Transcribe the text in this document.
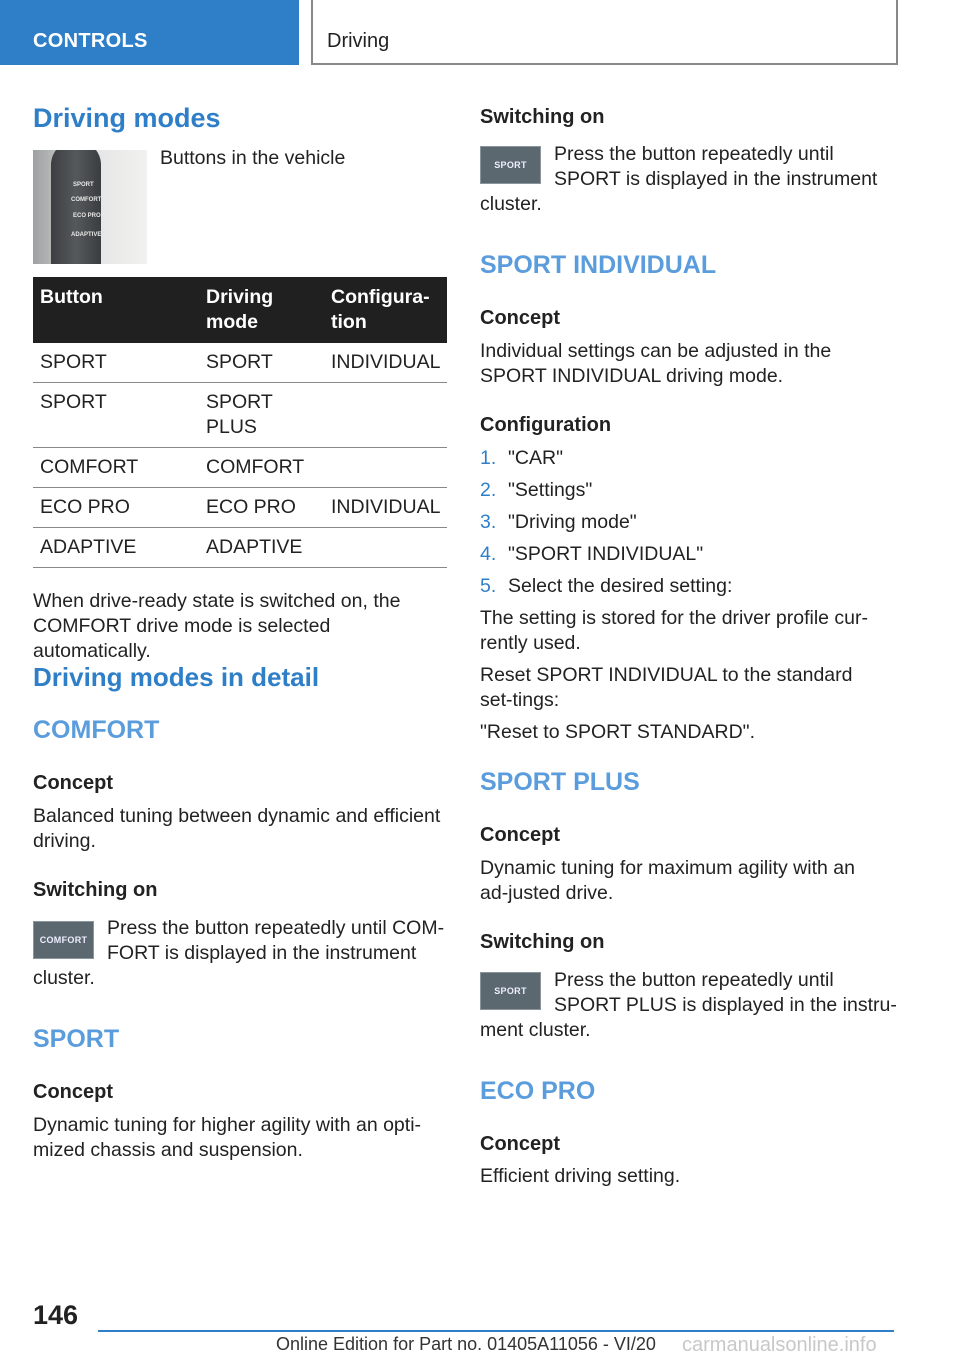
CONTROLS	Driving
Driving modes
SPORT
COMFORT
ECO PRO
ADAPTIVE
Buttons in the vehicle
Button	Driving mode	Configura-tion
SPORT	SPORT	INDIVIDUAL
SPORT	SPORT PLUS	
COMFORT	COMFORT	
ECO PRO	ECO PRO	INDIVIDUAL
ADAPTIVE	ADAPTIVE	
When drive-ready state is switched on, the COMFORT drive mode is selected automatically.
Driving modes in detail
COMFORT
Concept
Balanced tuning between dynamic and efficient driving.
Switching on
COMFORT
Press the button repeatedly until COM-
FORT is displayed in the instrument
cluster.
SPORT
Concept
Dynamic tuning for higher agility with an opti-mized chassis and suspension.
Switching on
SPORT Press the button repeatedly until
SPORT is displayed in the instrument
cluster.
SPORT INDIVIDUAL
Concept
Individual settings can be adjusted in the SPORT INDIVIDUAL driving mode.
Configuration
1. "CAR"
2. "Settings"
3. "Driving mode"
4. "SPORT INDIVIDUAL"
5. Select the desired setting:
The setting is stored for the driver profile cur-rently used.
Reset SPORT INDIVIDUAL to the standard set-tings:
"Reset to SPORT STANDARD".
SPORT PLUS
Concept
Dynamic tuning for maximum agility with an ad-justed drive.
Switching on
SPORT Press the button repeatedly until
SPORT PLUS is displayed in the instru-
ment cluster.
ECO PRO
Concept
Efficient driving setting.
146
Online Edition for Part no. 01405A11056 - VI/20 carmanualsonline.info
